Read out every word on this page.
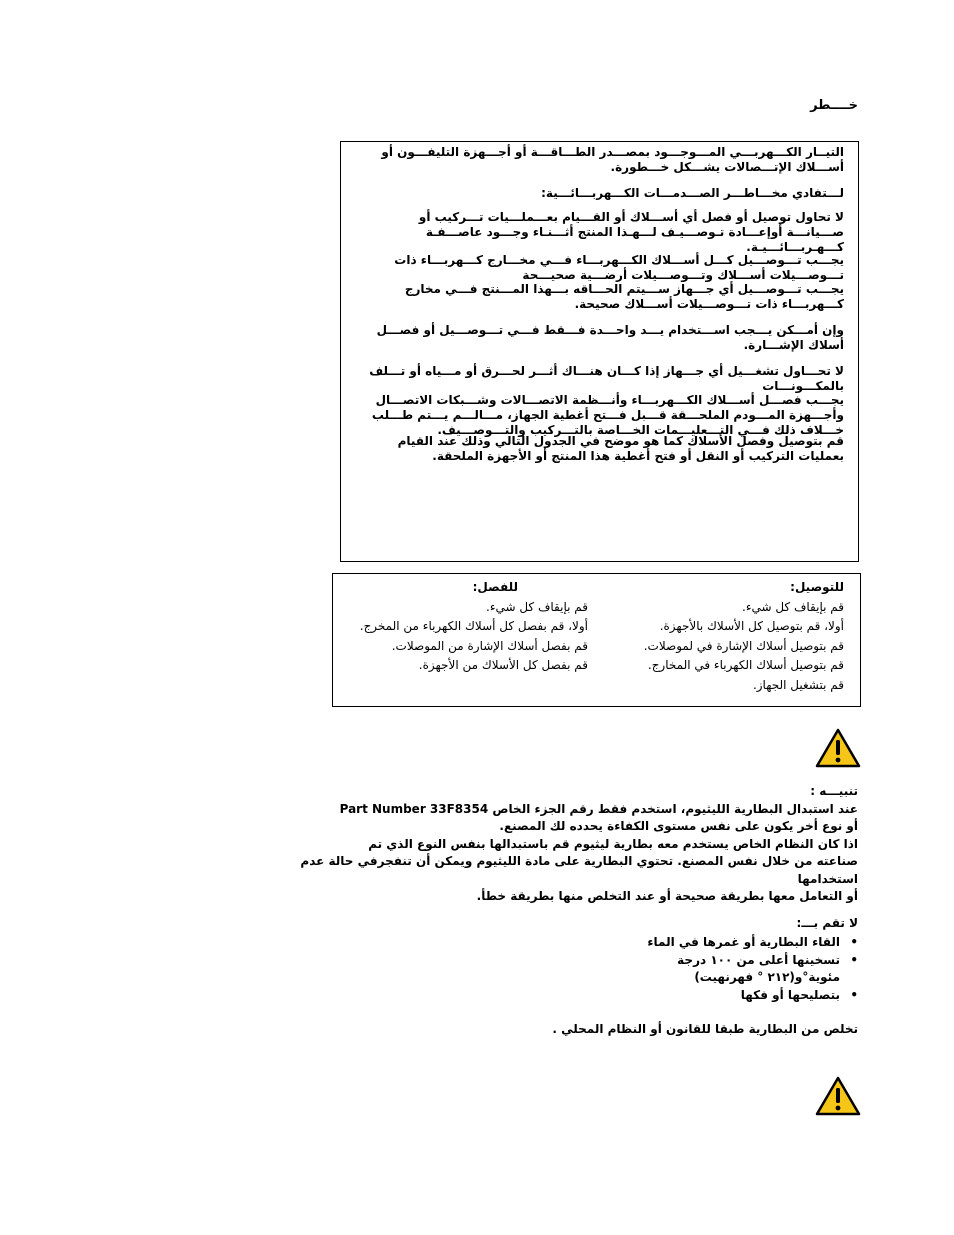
خــــطر
التيــار الكـــهربـــي المـــوجـــود بمصـــدر الطـــاقـــة أو أجـــهزة التليفـــون أو أســـلاك الإتـــصالات يشـــكل خـــطورة.
لـــتفادي مخـــاطـــر الصـــدمـــات الكـــهربـــائـــية:
لا تحاول توصيل أو فصل أي أســـلاك أو القـــيام بعـــملـــيات تـــركيب أو صـــيانـــة أوإعـــادة تـوصـــيـف لـــهـذا المنتج أثـــنـاء وجـــود عاصـــفـة كـــهـربـــائـــيـة.
يجـــب تـــوصـــيل كـــل أســـلاك الكـــهربـــاء فـــي مخـــارج كـــهربـــاء ذات تـــوصـــيلات أســـلاك وتـــوصـــيلات أرضـــية صحيـــحة
يجـــب تـــوصـــيل أي جـــهاز ســـيتم الحـــاقه بـــهذا المـــنتج فـــي مخارج كـــهربـــاء ذات تـــوصـــيلات أســـلاك صحيحة.
وإن أمـــكن يـــجب اســـتخدام يـــد واحـــدة فـــقط فـــي تـــوصـــيل أو فصـــل أسلاك الإشـــارة.
لا تحـــاول تشغـــيل أي جـــهاز إذا كـــان هنـــاك أثـــر لحـــرق أو مـــياه أو تـــلف بالمكـــونـــات
يجـــب فصـــل أســـلاك الكـــهربـــاء وأنـــظمة الاتصـــالات وشـــبكات الاتصـــال وأجـــهزة المـــودم الملحـــقة قـــبل فـــتح أغطية الجهاز، مـــالـــم يـــتم طـــلب خـــلاف ذلك فـــي التـــعليـــمات الخـــاصة بالتـــركيب والتـــوصـــيف.
قم بتوصيل وفصل الأسلاك كما هو موضح في الجدول التالي وذلك عند القيام بعمليات التركيب أو النقل أو فتح أغطية هذا المنتج أو الأجهزة الملحقة.
للتوصيل:
قم بإيقاف كل شيء.
أولا، قم بتوصيل كل الأسلاك بالأجهزة.
قم بتوصيل أسلاك الإشارة في لموصلات.
قم بتوصيل أسلاك الكهرباء في المخارج.
قم بتشغيل الجهاز.
للفصل:
قم بإيقاف كل شيء.
أولا، قم بفصل كل أسلاك الكهرباء من المخرج.
قم بفصل أسلاك الإشارة من الموصلات.
قم بفصل كل الأسلاك من الأجهزة.
تنبيـــه :
عند استبدال البطارية الليثيوم، استخدم فقط رقم الجزء الخاص Part Number 33F8354
أو نوع أخر يكون على نفس مستوى الكفاءة يحدده لك المصنع.
اذا كان النظام الخاص يستخدم معه بطارية ليثيوم قم باستبدالها بنفس النوع الذي تم
صناعته من خلال نفس المصنع. تحتوي البطارية على مادة الليثيوم ويمكن أن تنفجرفي حالة عدم استخدامها
أو التعامل معها بطريقة صحيحة أو عند التخلص منها بطريقة خطأ.
لا تقم بـــ:
• القاء البطارية أو غمرها في الماء
• تسخينها أعلى من ١٠٠ درجة مئوية°و(٢١٢ ° فهرنهيت)
• بتصليحها أو فكها
تخلص من البطارية طبقا للقانون أو النظام المحلي .
